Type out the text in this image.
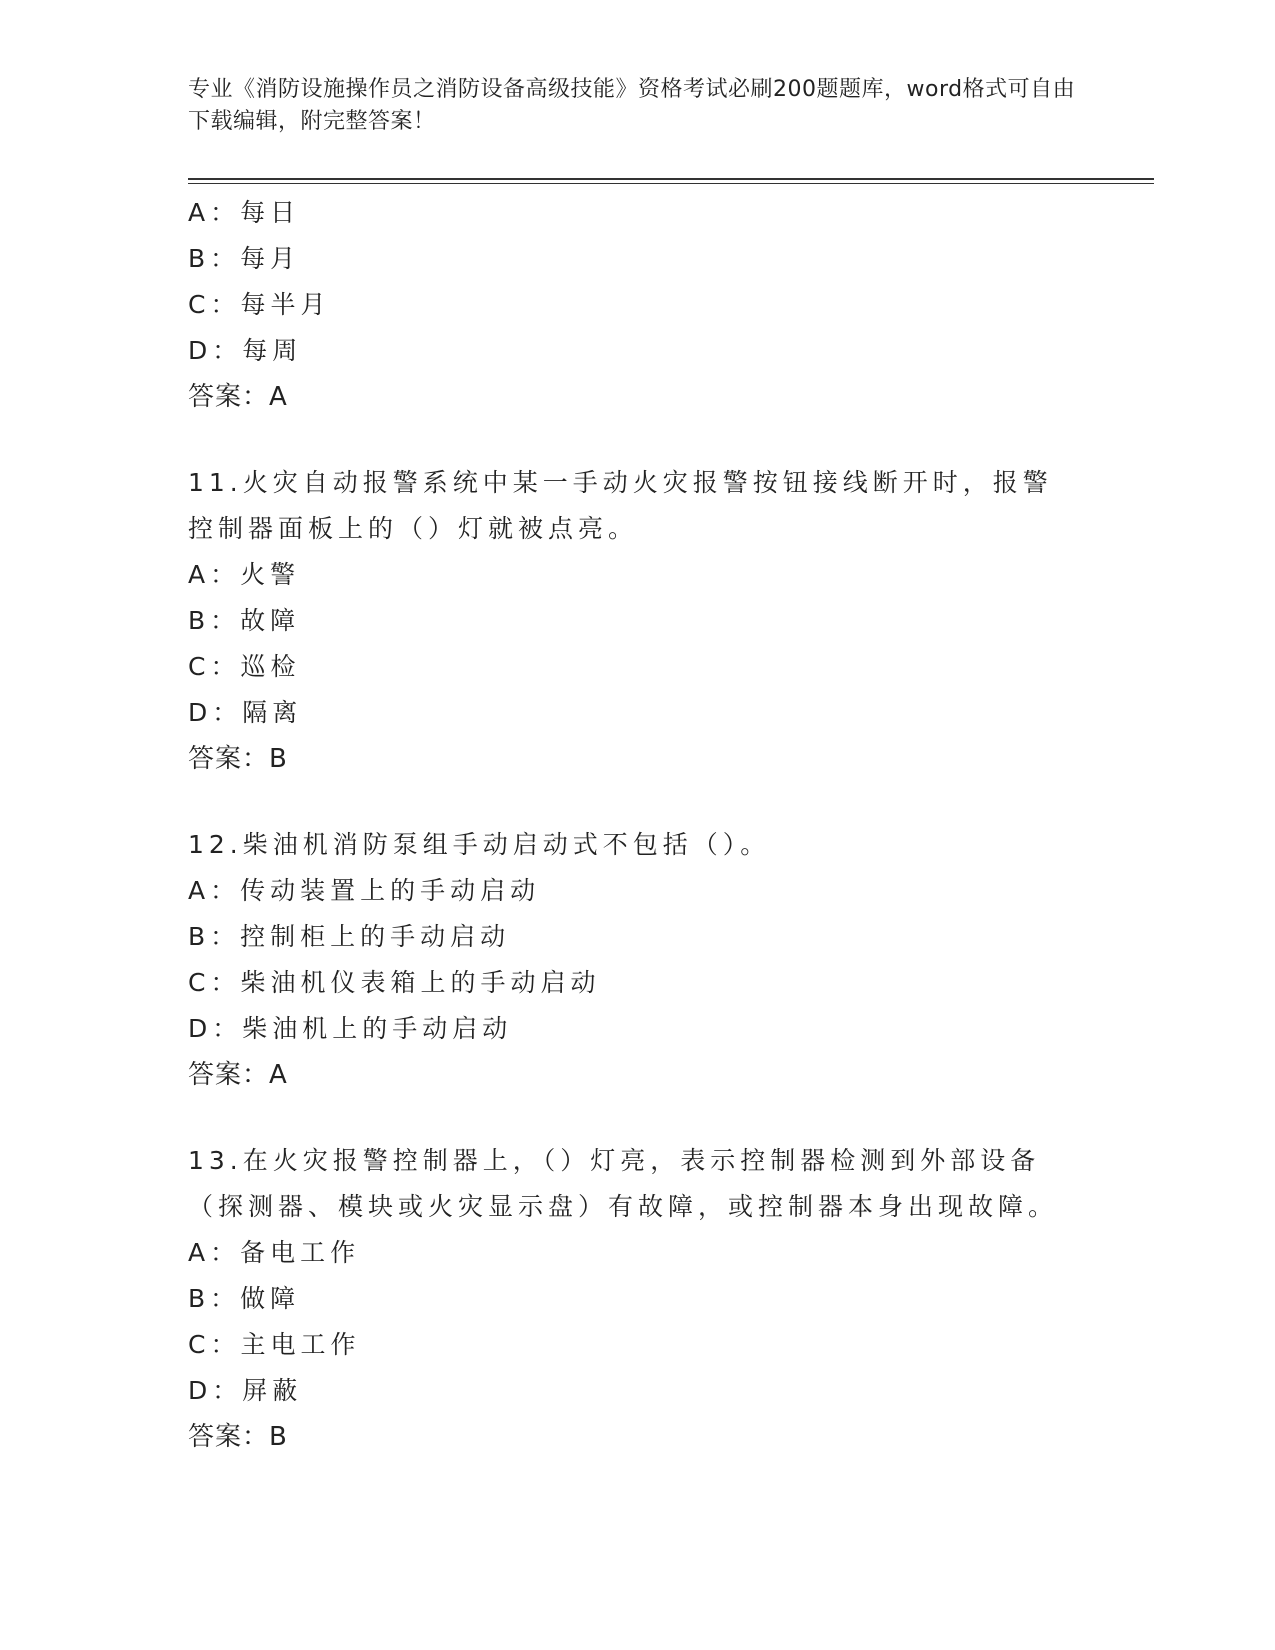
专业《消防设施操作员之消防设备高级技能》资格考试必刷200题题库，word格式可自由下载编辑，附完整答案！
A：每日
B：每月
C：每半月
D：每周
答案：A
11.火灾自动报警系统中某一手动火灾报警按钮接线断开时，报警控制器面板上的（）灯就被点亮。
A：火警
B：故障
C：巡检
D：隔离
答案：B
12.柴油机消防泵组手动启动式不包括（）。
A：传动装置上的手动启动
B：控制柜上的手动启动
C：柴油机仪表箱上的手动启动
D：柴油机上的手动启动
答案：A
13.在火灾报警控制器上，（）灯亮，表示控制器检测到外部设备（探测器、模块或火灾显示盘）有故障，或控制器本身出现故障。
A：备电工作
B：做障
C：主电工作
D：屏蔽
答案：B
